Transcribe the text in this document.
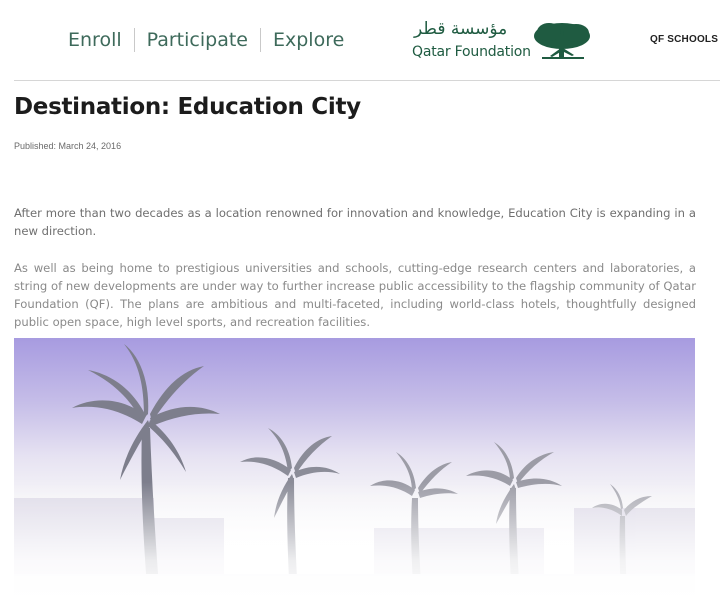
Enroll	Participate	Explore	مؤسسة قطر
Qatar Foundation
QF SCHOOLS
Destination: Education City
Published: March 24, 2016

After more than two decades as a location renowned for innovation and knowledge, Education City is expanding in a new direction.

As well as being home to prestigious universities and schools, cutting-edge research centers and laboratories, a string of new developments are under way to further increase public accessibility to the flagship community of Qatar Foundation (QF). The plans are ambitious and multi-faceted, including world-class hotels, thoughtfully designed public open space, high level sports, and recreation facilities.
